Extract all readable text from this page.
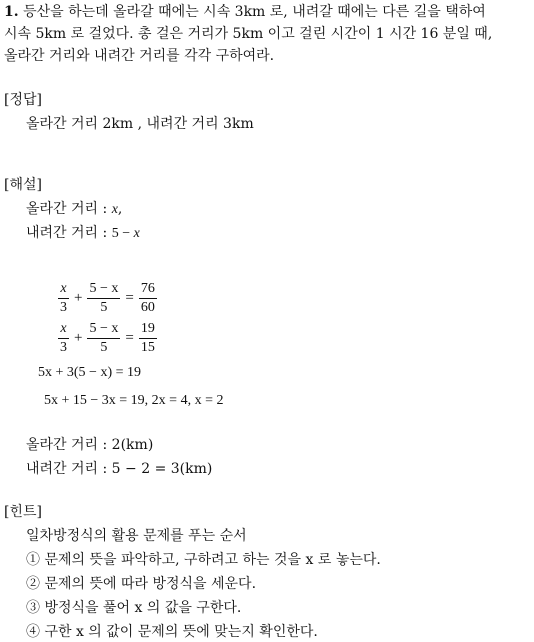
1. 등산을 하는데 올라갈 때에는 시속 3km 로, 내려갈 때에는 다른 길을 택하여
시속 5km 로 걸었다. 총 걸은 거리가 5km 이고 걸린 시간이 1 시간 16 분일 때,
올라간 거리와 내려간 거리를 각각 구하여라.
[정답]
올라간 거리 2km , 내려간 거리 3km
[해설]
올라간 거리 : x,
내려간 거리 : 5 − x
$\frac{x}{3} + \frac{5 - x}{5} = \frac{76}{60}$
$\frac{x}{3} + \frac{5 - x}{5} = \frac{19}{15}$
5x + 3(5 − x) = 19
5x + 15 − 3x = 19, 2x = 4, x = 2
올라간 거리 : 2(km)
내려간 거리 : 5 − 2 = 3(km)
[힌트]
일차방정식의 활용 문제를 푸는 순서
① 문제의 뜻을 파악하고, 구하려고 하는 것을 x 로 놓는다.
② 문제의 뜻에 따라 방정식을 세운다.
③ 방정식을 풀어 x 의 값을 구한다.
④ 구한 x 의 값이 문제의 뜻에 맞는지 확인한다.
